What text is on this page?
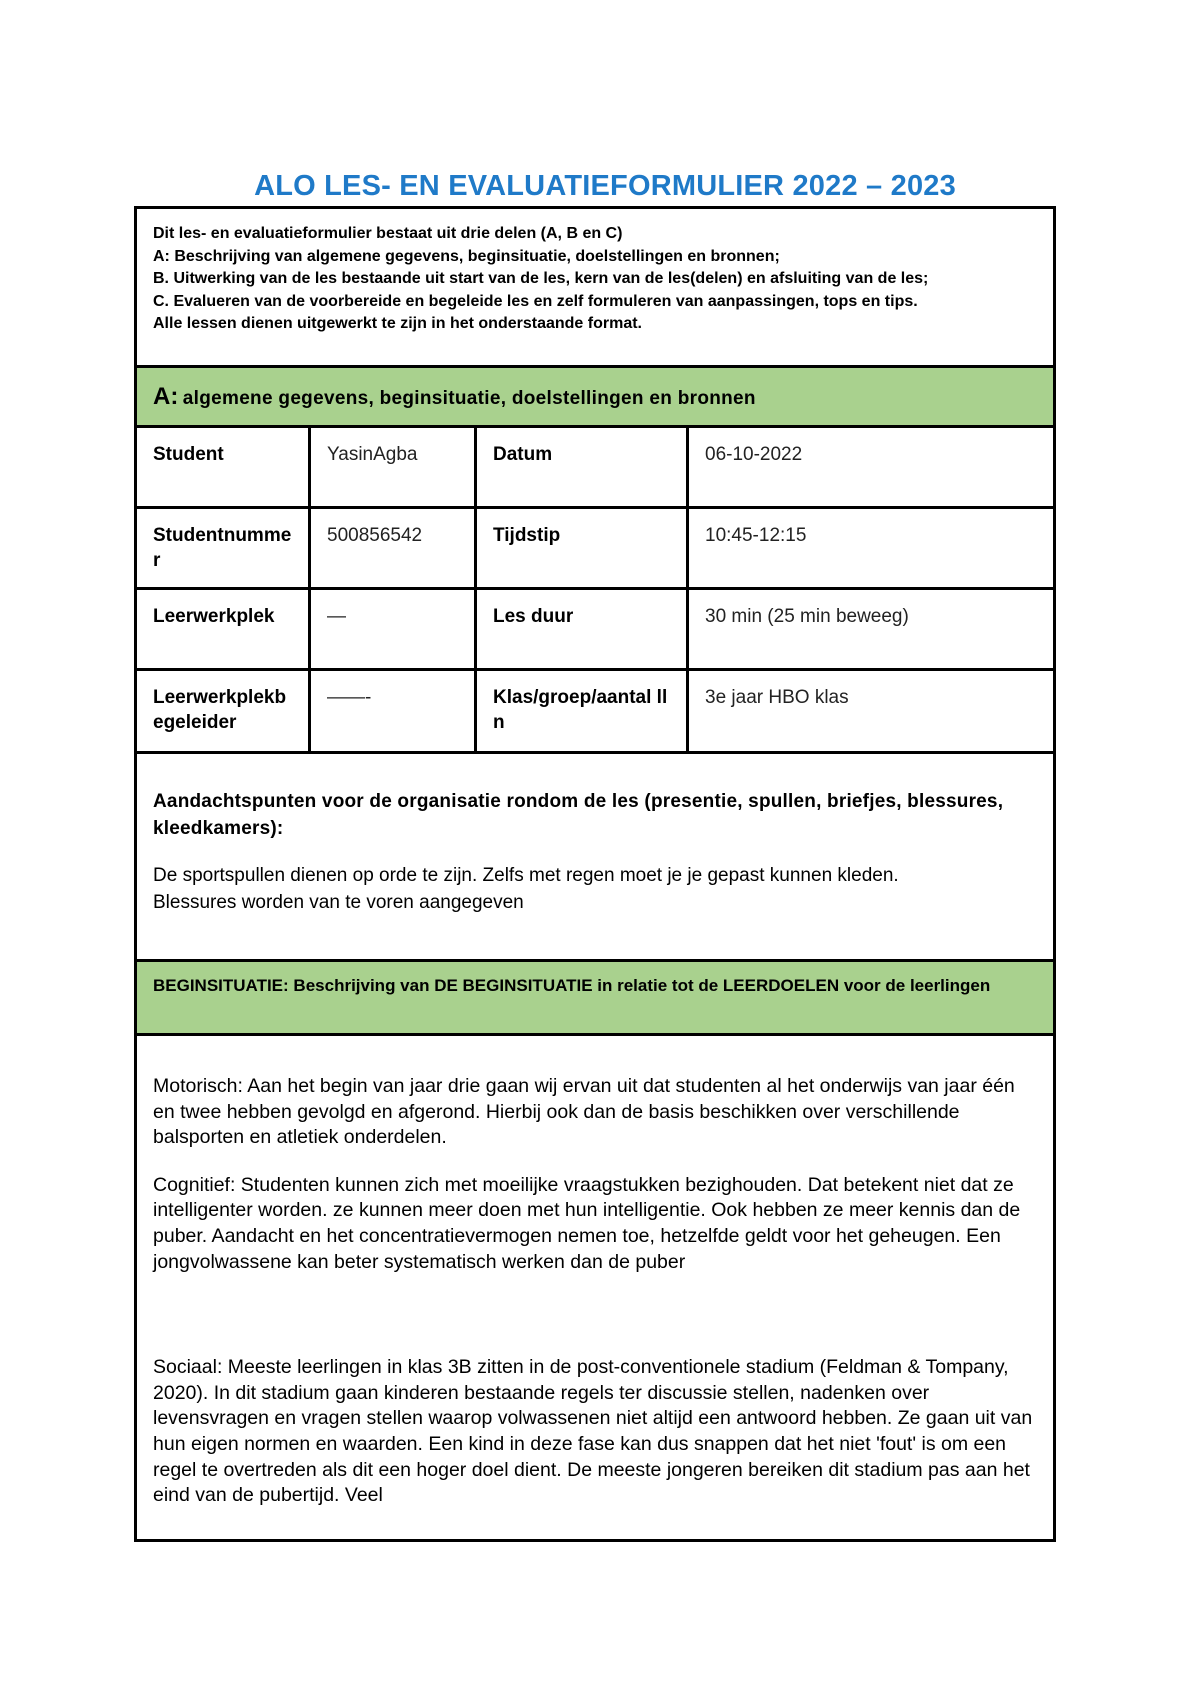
ALO LES- EN EVALUATIEFORMULIER 2022 – 2023
Dit les- en evaluatieformulier bestaat uit drie delen (A, B en C)
A: Beschrijving van algemene gegevens, beginsituatie, doelstellingen en bronnen;
B. Uitwerking van de les bestaande uit start van de les, kern van de les(delen) en afsluiting van de les;
C. Evalueren van de voorbereide en begeleide les en zelf formuleren van aanpassingen, tops en tips.
Alle lessen dienen uitgewerkt te zijn in het onderstaande format.			

A: algemene gegevens, beginsituatie, doelstellingen en bronnen			
Student	YasinAgba	Datum	06-10-2022
Studentnummer	500856542	Tijdstip	10:45-12:15
Leerwerkplek	—	Les duur	30 min (25 min beweeg)
Leerwerkplekbegeleider	——-	Klas/groep/aantal lln	3e jaar HBO klas

Aandachtspunten voor de organisatie rondom de les (presentie, spullen, briefjes, blessures, kleedkamers):

De sportspullen dienen op orde te zijn. Zelfs met regen moet je je gepast kunnen kleden.

Blessures worden van te voren aangegeven			

BEGINSITUATIE: Beschrijving van DE BEGINSITUATIE in relatie tot de LEERDOELEN voor de leerlingen			

Motorisch: Aan het begin van jaar drie gaan wij ervan uit dat studenten al het onderwijs van jaar één en twee hebben gevolgd en afgerond. Hierbij ook dan de basis beschikken over verschillende balsporten en atletiek onderdelen.

Cognitief: Studenten kunnen zich met moeilijke vraagstukken bezighouden. Dat betekent niet dat ze intelligenter worden. ze kunnen meer doen met hun intelligentie. Ook hebben ze meer kennis dan de puber. Aandacht en het concentratievermogen nemen toe, hetzelfde geldt voor het geheugen. Een jongvolwassene kan beter systematisch werken dan de puber

Sociaal: Meeste leerlingen in klas 3B zitten in de post-conventionele stadium (Feldman & Tompany, 2020). In dit stadium gaan kinderen bestaande regels ter discussie stellen, nadenken over levensvragen en vragen stellen waarop volwassenen niet altijd een antwoord hebben. Ze gaan uit van hun eigen normen en waarden. Een kind in deze fase kan dus snappen dat het niet 'fout' is om een regel te overtreden als dit een hoger doel dient. De meeste jongeren bereiken dit stadium pas aan het eind van de pubertijd. Veel			
